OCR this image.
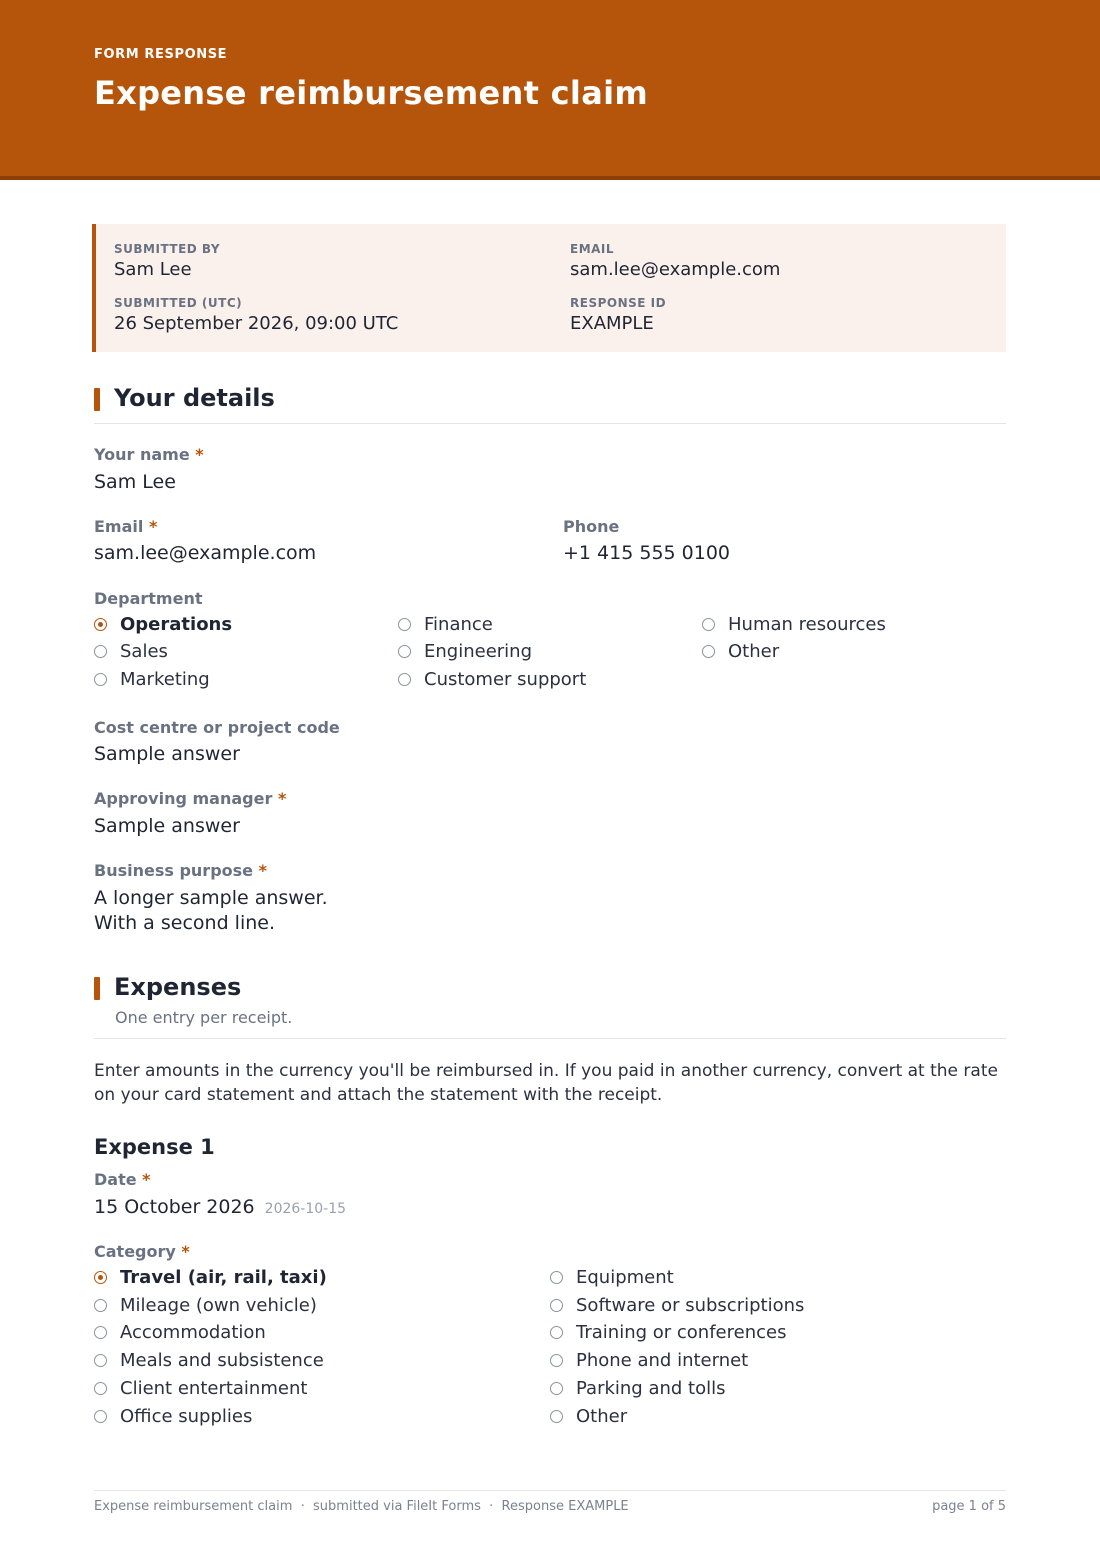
FORM RESPONSE
Expense reimbursement claim
SUBMITTED BY
Sam Lee
EMAIL
sam.lee@example.com
SUBMITTED (UTC)
26 September 2026, 09:00 UTC
RESPONSE ID
EXAMPLE
Your details
Your name *
Sam Lee
Email *
sam.lee@example.com
Phone
+1 415 555 0100
Department
Operations
Sales
Marketing
Finance
Engineering
Customer support
Human resources
Other
Cost centre or project code
Sample answer
Approving manager *
Sample answer
Business purpose *
A longer sample answer.
With a second line.
Expenses
One entry per receipt.
Enter amounts in the currency you'll be reimbursed in. If you paid in another currency, convert at the rate on your card statement and attach the statement with the receipt.
Expense 1
Date *
15 October 2026 2026-10-15
Category *
Travel (air, rail, taxi)
Mileage (own vehicle)
Accommodation
Meals and subsistence
Client entertainment
Office supplies
Equipment
Software or subscriptions
Training or conferences
Phone and internet
Parking and tolls
Other
Expense reimbursement claim  ·  submitted via FileIt Forms  ·  Response EXAMPLE	page 1 of 5
